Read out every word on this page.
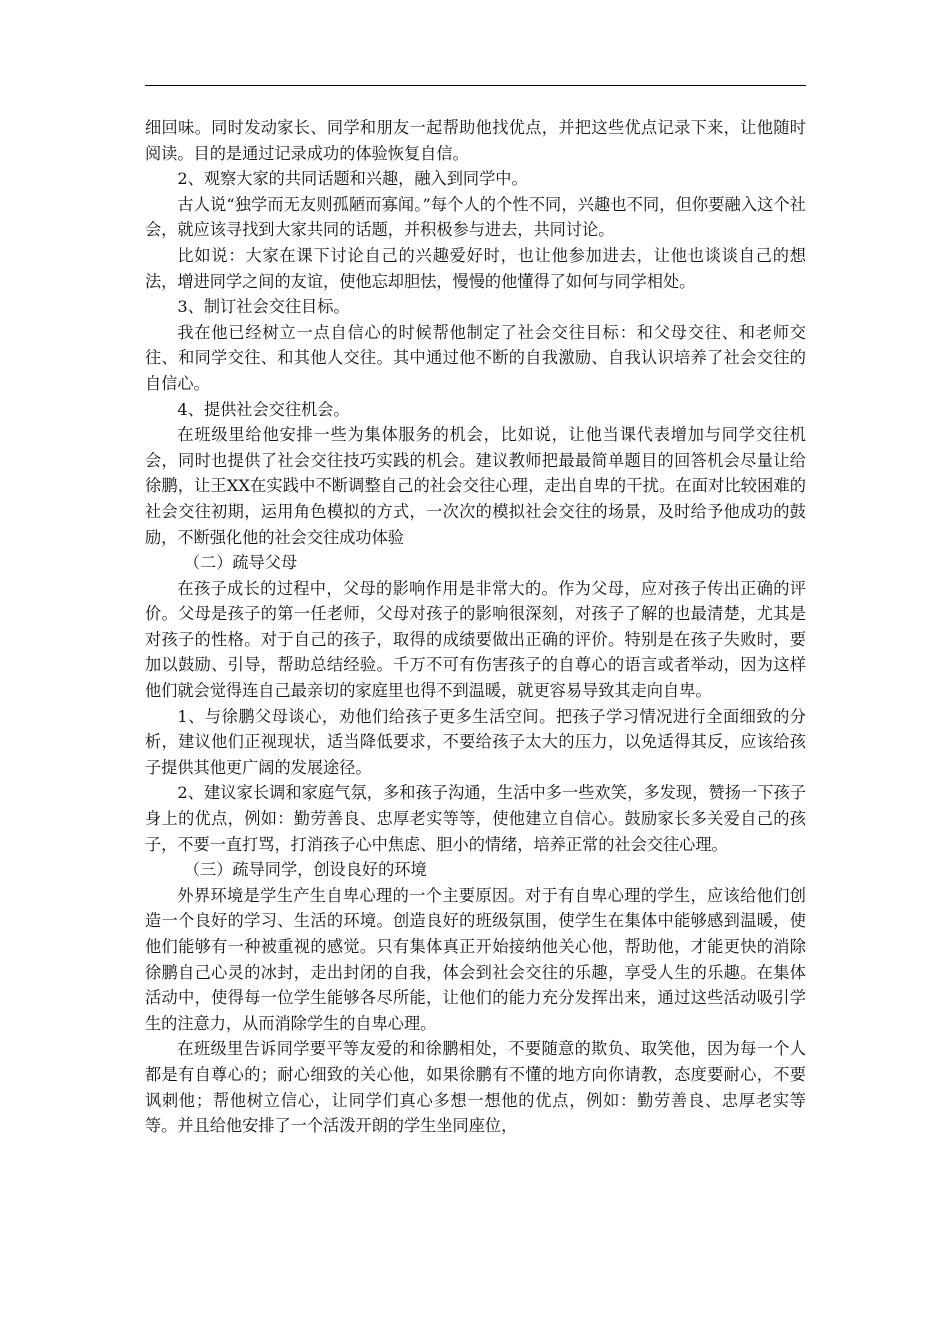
细回味。同时发动家长、同学和朋友一起帮助他找优点，并把这些优点记录下来，让他随时阅读。目的是通过记录成功的体验恢复自信。

2、观察大家的共同话题和兴趣，融入到同学中。

古人说“独学而无友则孤陋而寡闻。”每个人的个性不同，兴趣也不同，但你要融入这个社会，就应该寻找到大家共同的话题，并积极参与进去，共同讨论。

比如说：大家在课下讨论自己的兴趣爱好时，也让他参加进去，让他也谈谈自己的想法，增进同学之间的友谊，使他忘却胆怯，慢慢的他懂得了如何与同学相处。

3、制订社会交往目标。

我在他已经树立一点自信心的时候帮他制定了社会交往目标：和父母交往、和老师交往、和同学交往、和其他人交往。其中通过他不断的自我激励、自我认识培养了社会交往的自信心。

4、提供社会交往机会。

在班级里给他安排一些为集体服务的机会，比如说，让他当课代表增加与同学交往机会，同时也提供了社会交往技巧实践的机会。建议教师把最最简单题目的回答机会尽量让给徐鹏，让王XX在实践中不断调整自己的社会交往心理，走出自卑的干扰。在面对比较困难的社会交往初期，运用角色模拟的方式，一次次的模拟社会交往的场景，及时给予他成功的鼓励，不断强化他的社会交往成功体验

（二）疏导父母

在孩子成长的过程中，父母的影响作用是非常大的。作为父母，应对孩子传出正确的评价。父母是孩子的第一任老师，父母对孩子的影响很深刻，对孩子了解的也最清楚，尤其是对孩子的性格。对于自己的孩子，取得的成绩要做出正确的评价。特别是在孩子失败时，要加以鼓励、引导，帮助总结经验。千万不可有伤害孩子的自尊心的语言或者举动，因为这样他们就会觉得连自己最亲切的家庭里也得不到温暖，就更容易导致其走向自卑。

1、与徐鹏父母谈心，劝他们给孩子更多生活空间。把孩子学习情况进行全面细致的分析，建议他们正视现状，适当降低要求，不要给孩子太大的压力，以免适得其反，应该给孩子提供其他更广阔的发展途径。

2、建议家长调和家庭气氛，多和孩子沟通，生活中多一些欢笑，多发现，赞扬一下孩子身上的优点，例如：勤劳善良、忠厚老实等等，使他建立自信心。鼓励家长多关爱自己的孩子，不要一直打骂，打消孩子心中焦虑、胆小的情绪，培养正常的社会交往心理。

（三）疏导同学，创设良好的环境

外界环境是学生产生自卑心理的一个主要原因。对于有自卑心理的学生，应该给他们创造一个良好的学习、生活的环境。创造良好的班级氛围，使学生在集体中能够感到温暖，使他们能够有一种被重视的感觉。只有集体真正开始接纳他关心他，帮助他，才能更快的消除徐鹏自己心灵的冰封，走出封闭的自我，体会到社会交往的乐趣，享受人生的乐趣。在集体活动中，使得每一位学生能够各尽所能，让他们的能力充分发挥出来，通过这些活动吸引学生的注意力，从而消除学生的自卑心理。

在班级里告诉同学要平等友爱的和徐鹏相处，不要随意的欺负、取笑他，因为每一个人都是有自尊心的；耐心细致的关心他，如果徐鹏有不懂的地方向你请教，态度要耐心，不要讽刺他；帮他树立信心，让同学们真心多想一想他的优点，例如：勤劳善良、忠厚老实等等。并且给他安排了一个活泼开朗的学生坐同座位，
